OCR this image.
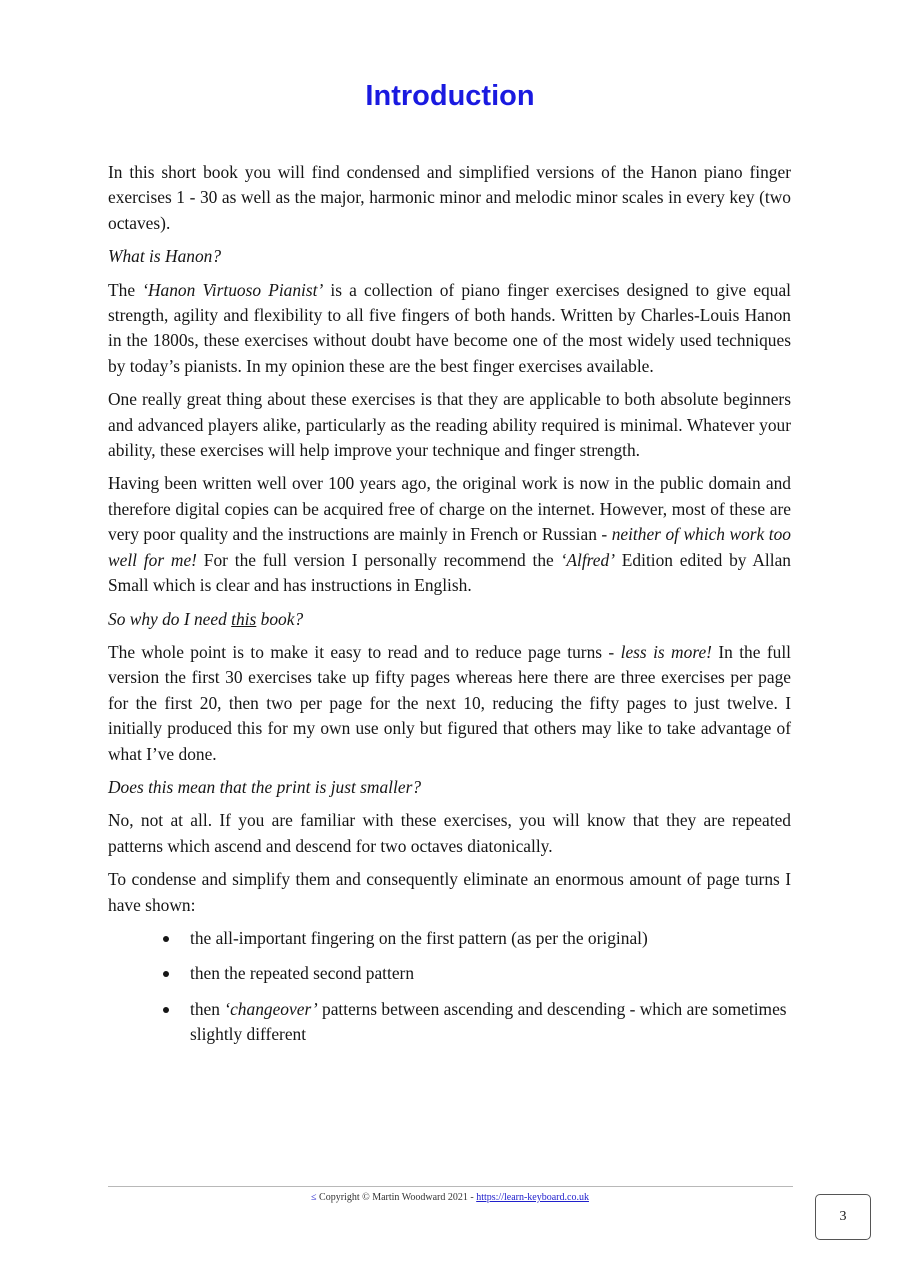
Introduction

In this short book you will find condensed and simplified versions of the Hanon piano finger exercises 1 - 30 as well as the major, harmonic minor and melodic minor scales in every key (two octaves).

What is Hanon?

The ‘Hanon Virtuoso Pianist’ is a collection of piano finger exercises designed to give equal strength, agility and flexibility to all five fingers of both hands. Written by Charles-Louis Hanon in the 1800s, these exercises without doubt have become one of the most widely used techniques by today’s pianists. In my opinion these are the best finger exercises available.

One really great thing about these exercises is that they are applicable to both absolute beginners and advanced players alike, particularly as the reading ability required is minimal. Whatever your ability, these exercises will help improve your technique and finger strength.

Having been written well over 100 years ago, the original work is now in the public domain and therefore digital copies can be acquired free of charge on the internet. However, most of these are very poor quality and the instructions are mainly in French or Russian - neither of which work too well for me! For the full version I personally recommend the ‘Alfred’ Edition edited by Allan Small which is clear and has instructions in English.

So why do I need this book?

The whole point is to make it easy to read and to reduce page turns - less is more! In the full version the first 30 exercises take up fifty pages whereas here there are three exercises per page for the first 20, then two per page for the next 10, reducing the fifty pages to just twelve. I initially produced this for my own use only but figured that others may like to take advantage of what I’ve done.

Does this mean that the print is just smaller?

No, not at all. If you are familiar with these exercises, you will know that they are repeated patterns which ascend and descend for two octaves diatonically.

To condense and simplify them and consequently eliminate an enormous amount of page turns I have shown:

the all-important fingering on the first pattern (as per the original)
then the repeated second pattern
then ‘changeover’ patterns between ascending and descending - which are sometimes slightly different
≤ Copyright © Martin Woodward 2021 - https://learn-keyboard.co.uk
3
